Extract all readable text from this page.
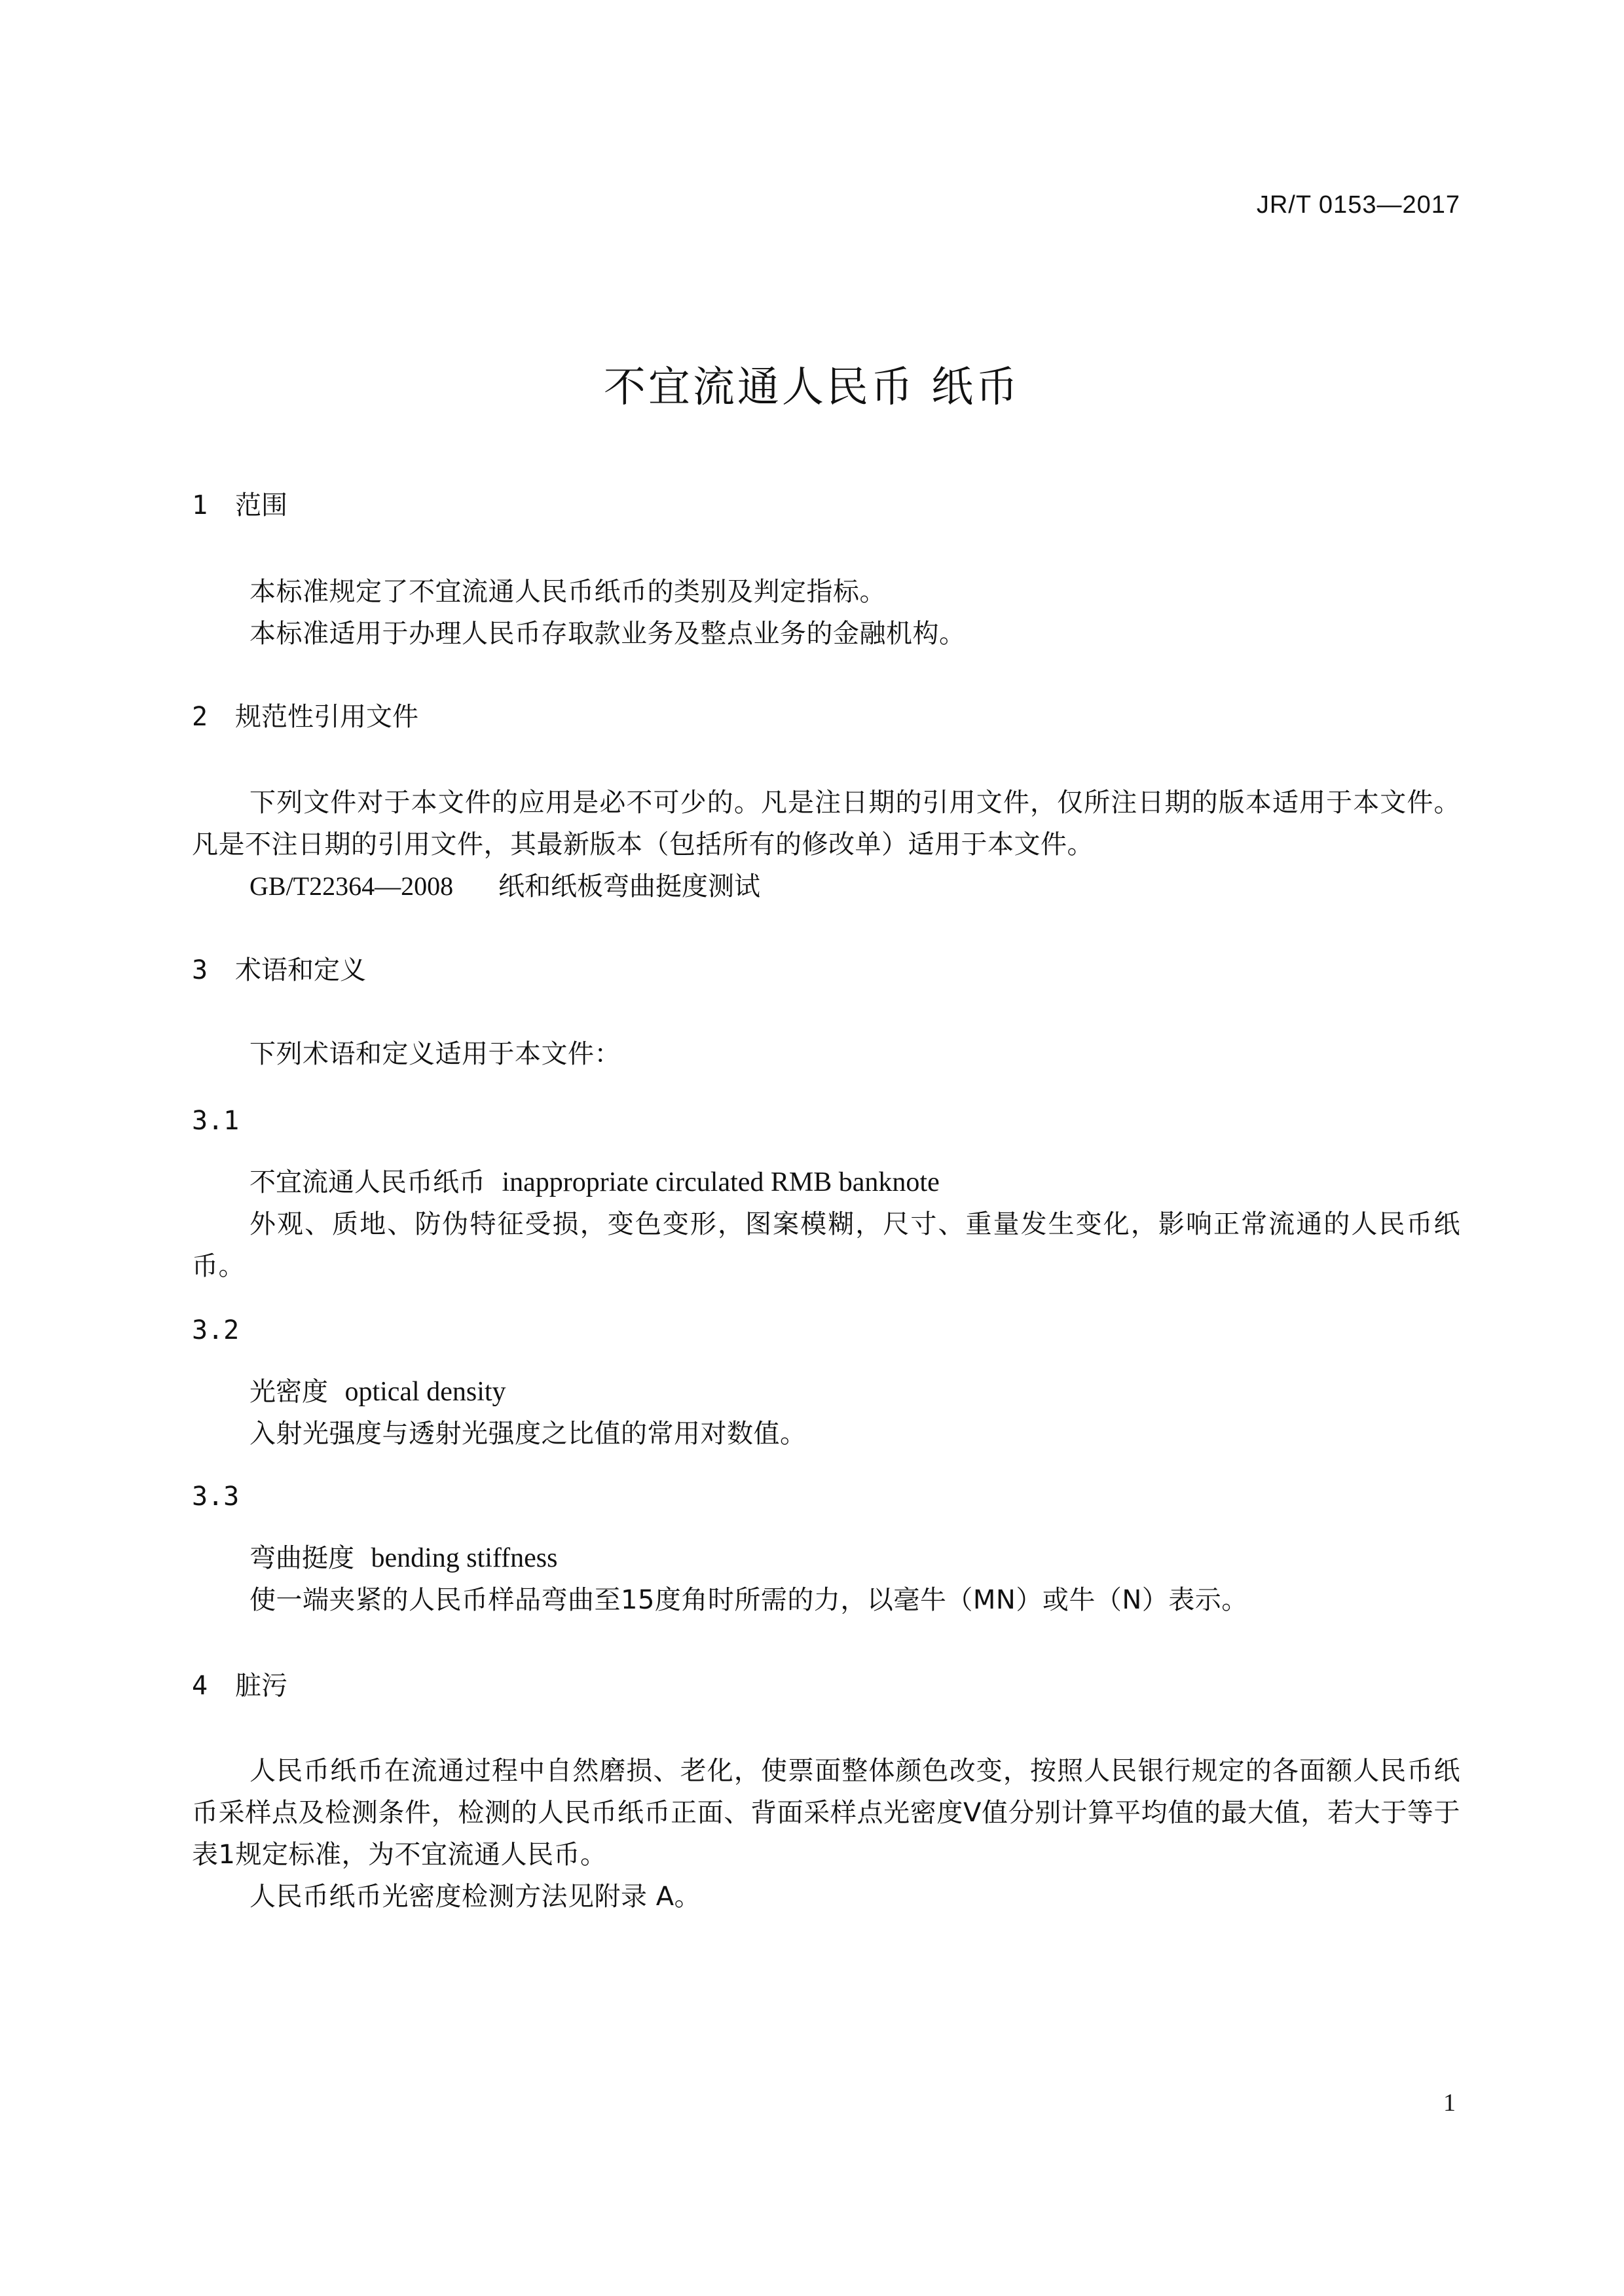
JR/T 0153—2017
不宜流通人民币 纸币
1 范围

本标准规定了不宜流通人民币纸币的类别及判定指标。

本标准适用于办理人民币存取款业务及整点业务的金融机构。

2 规范性引用文件

下列文件对于本文件的应用是必不可少的。凡是注日期的引用文件，仅所注日期的版本适用于本文件。凡是不注日期的引用文件，其最新版本（包括所有的修改单）适用于本文件。

GB/T22364—2008 纸和纸板弯曲挺度测试
3 术语和定义

下列术语和定义适用于本文件：

3.1
不宜流通人民币纸币 inappropriate circulated RMB banknote

外观、质地、防伪特征受损，变色变形，图案模糊，尺寸、重量发生变化，影响正常流通的人民币纸币。

3.2
光密度 optical density

入射光强度与透射光强度之比值的常用对数值。

3.3
弯曲挺度 bending stiffness

使一端夹紧的人民币样品弯曲至15度角时所需的力，以毫牛（MN）或牛（N）表示。

4 脏污

人民币纸币在流通过程中自然磨损、老化，使票面整体颜色改变，按照人民银行规定的各面额人民币纸币采样点及检测条件，检测的人民币纸币正面、背面采样点光密度V值分别计算平均值的最大值，若大于等于表1规定标准，为不宜流通人民币。

人民币纸币光密度检测方法见附录 A。

1
